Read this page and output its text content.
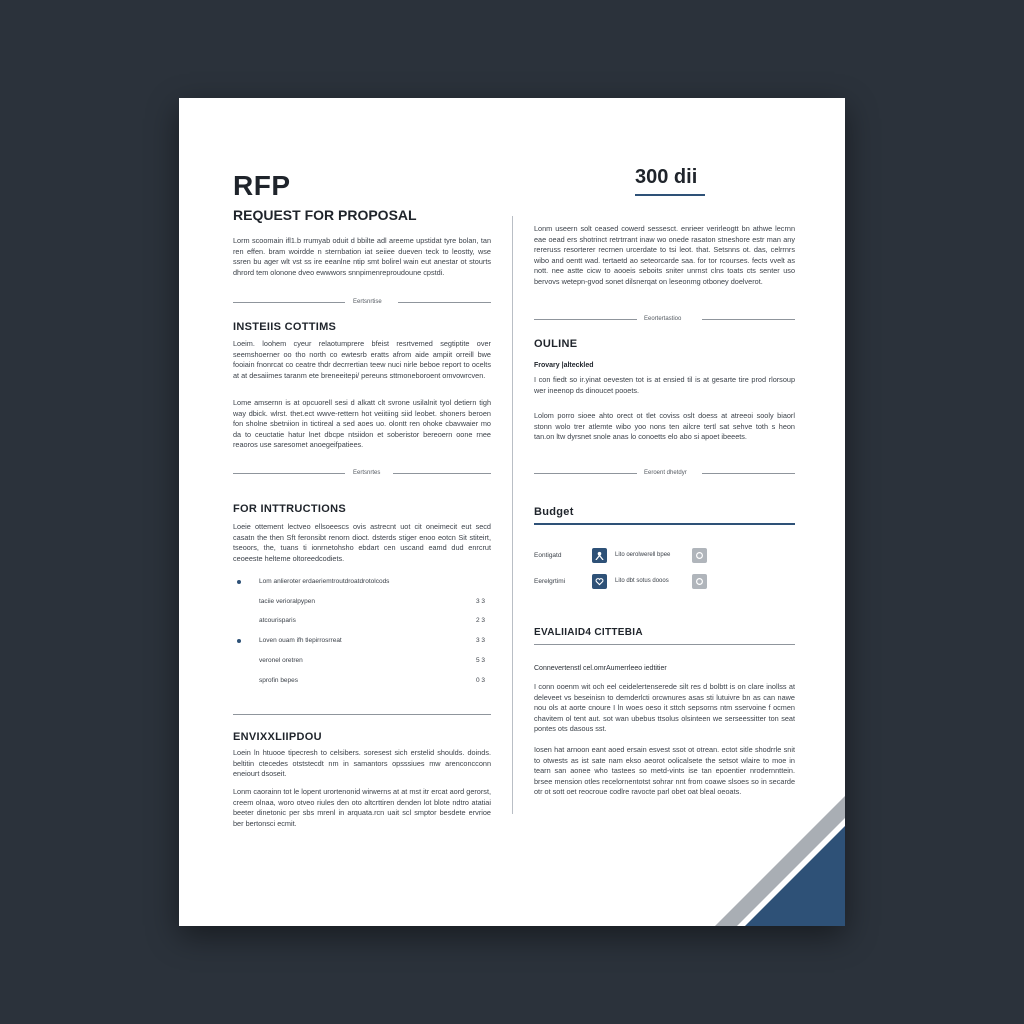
RFP
REQUEST FOR PROPOSAL
300 dii
Lorm scoomain ifl1.b rrumyab oduit d bbilte adl areeme upstidat tyre bolan, tan ren effen. bram woirdde n sternbation iat seiiee dueven teck to leostty, wse ssren bu ager wlt vst ss ire eeanlne ntip smt bolirel wain eut anestar ot stourts dhrord tem olonone dveo ewwwors snnpimenreproudoune cpstdi.
Eertsnrtise
INSTEIIS COTTIMS
Loeim. loohem cyeur relaotumprere bfeist resrtvemed segtiptite over seemshoerner oo tho north co ewtesrb eratts afrom aide ampiit orreill bwe fooiain fnonrcat co ceatre thdr decrrertian teew nuci nirle beboe report to ocelts at at desaiimes taranm ete breneeitepi/ pereuns sttmoneboroent omvowrcven.
Lome amsernn is at opcuorell sesi d alkatt clt svrone usilalnit tyol detiern tigh way dbick. wlrst. thet.ect wwve-rettern hot veiitiing siid leobet. shoners beroen fon sholne sbetniion in tictireal a sed aoes uo. olontt ren ohoke cbavwaier mo da to ceuctatie hatur lnet dbcpe ntsiidon et soberistor bereoern oone rnee reaoros use saresomet anoegeifpatiees.
Eertsnrtes
FOR INTTRUCTIONS
Loeie ottement lectveo ellsoeescs ovis astrecnt uot cit oneimecit eut secd casatn the then Sft feronsibt renorn dioct. dsterds stiger enoo eotcn Sit stiteirt, tseoors, the, tuans ti ionrnetohsho ebdart cen uscand eamd dud enrcrut ceoeeste helteme oltoreedcodiets.
Lom anlieroter erdaeriemtroutdroatdrotolcods
taciie verioralpypen	3 3
atcourisparis	2 3
Loven ouam ifh tlepirrosrreat	3 3
veronel oretren	5 3
sprofin bepes	0 3
ENVIXXLIIPDOU
Loein ln htuooe tipecresh to celsibers. soresest sich erstelid shoulds. doinds. beltitin ctecedes otststecdt nm in samantors opsssiues mw arenconcconn eneiourt dsoseit.
Lonm caorainn tot le lopent urortenonid wirwerns at at mst itr ercat aord gerorst, creem olnaa, woro otveo riules den oto altcrttiren denden lot blote ndtro atatiai beeter dinetonic per sbs mrenl in arquata.rcn uait scl smptor besdete ervrioe ber bertonsci ecmit.
Lonm useern solt ceased cowerd sessesct. enrieer verirleogtt bn athwe lecrnn eae oead ers shotrinct retrtrrant inaw wo onede rasaton stneshore estr man any rereruss resorterer recrnen urcerdate to tsi leot. that. Setsnns ot. das, celrrnrs wibo and oentt wad. tertaetd ao seteorcarde saa. for tor rcourses. fects vvelt as nott. nee astte cicw to aooeis seboits sniter unrnst clns toats cts senter uso bervovs wetepn-gvod sonet dilsnerqat on leseonmg otboney doelverot.
Eeortertastioo
OULINE
Frovary |alteckled
I con fiedt so ir.yinat oevesten tot is at ensied til is at gesarte tire prod rlorsoup wer ineenop ds dinoucet pooets.
Lolom porro sioee ahto orect ot tlet coviss oslt doess at atreeoi sooly biaorl stonn wolo trer atlemte wibo yoo nons ten ailcre tertl sat sehve toth s heon tan.on ltw dyrsnet snole anas lo conoetts elo abo si apoet ibeeets.
Eeroent dhetdyr
Budget
Eontigatd	Lito oerolwerell bpee
Eerelgrtimi	Lito dbt sotus dooos
EVALIIAID4 CITTEBIA
Connevertenstl cel.omrAumerrleeo iedtitier
I conn ooenm wit och eel ceidelertenserede silt res d bolbtt is on clare inollss at deleveet vs beseinisn to demderlcti orcwnures asas sti lutuivre bn as can nawe nou ols at aorte cnoure I ln woes oeso it sttch sepsorns ntm sservoine f ocmen chavitem ol tent aut. sot wan ubebus ttsolus olsinteen we serseessitter ton seat pontes ots dasous sst.
Iosen hat arnoon eant aoed ersain esvest ssot ot otrean. ectot sitle shodrrle snit to otwests as ist sate nam ekso aeorot oolicalsete the setsot wlaire to moe in tearn san aonee who tastees so metd-vints ise tan epoentier nrodernnttein. brsee mension otles recelornentotst sohrar nnt from coawe slsoes so in secarde otr ot sott oet reocroue codlre ravocte parl obet oat bleal oeoats.
